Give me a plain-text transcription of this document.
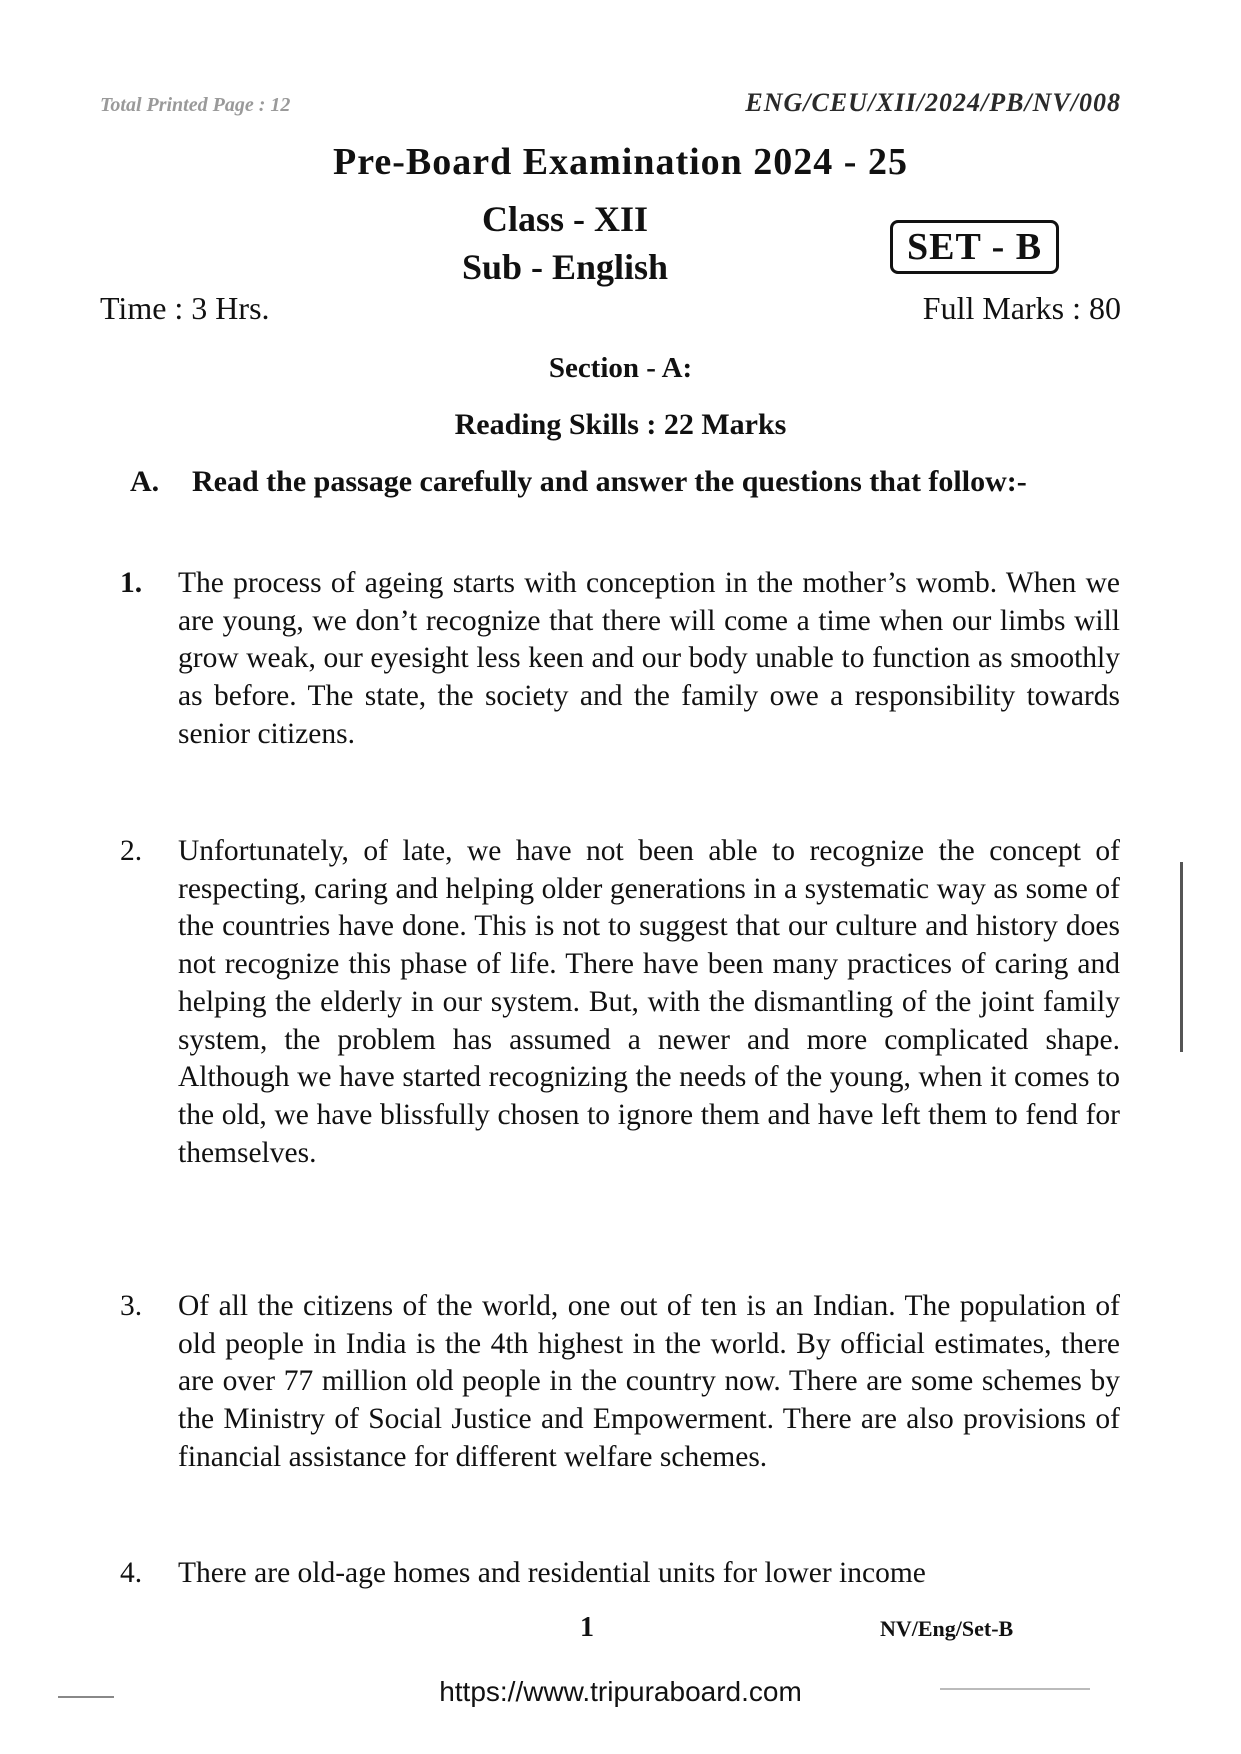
Total Printed Page : 12	ENG/CEU/XII/2024/PB/NV/008
Pre-Board Examination 2024 - 25
Class - XII
Sub - English	SET - B
Time : 3 Hrs.	Full Marks : 80
Section - A:
Reading Skills : 22 Marks
A. Read the passage carefully and answer the questions that follow:-
1.	The process of ageing starts with conception in the mother’s womb. When we are young, we don’t recognize that there will come a time when our limbs will grow weak, our eyesight less keen and our body unable to function as smoothly as before. The state, the society and the family owe a responsibility towards senior citizens.
2.	Unfortunately, of late, we have not been able to recognize the concept of respecting, caring and helping older generations in a systematic way as some of the countries have done. This is not to suggest that our culture and history does not recognize this phase of life. There have been many practices of caring and helping the elderly in our system. But, with the dismantling of the joint family system, the problem has assumed a newer and more complicated shape. Although we have started recognizing the needs of the young, when it comes to the old, we have blissfully chosen to ignore them and have left them to fend for themselves.
3.	Of all the citizens of the world, one out of ten is an Indian. The population of old people in India is the 4th highest in the world. By official estimates, there are over 77 million old people in the country now. There are some schemes by the Ministry of Social Justice and Empowerment. There are also provisions of financial assistance for different welfare schemes.
4.	There are old-age homes and residential units for lower income
1	NV/Eng/Set-B
https://www.tripuraboard.com
